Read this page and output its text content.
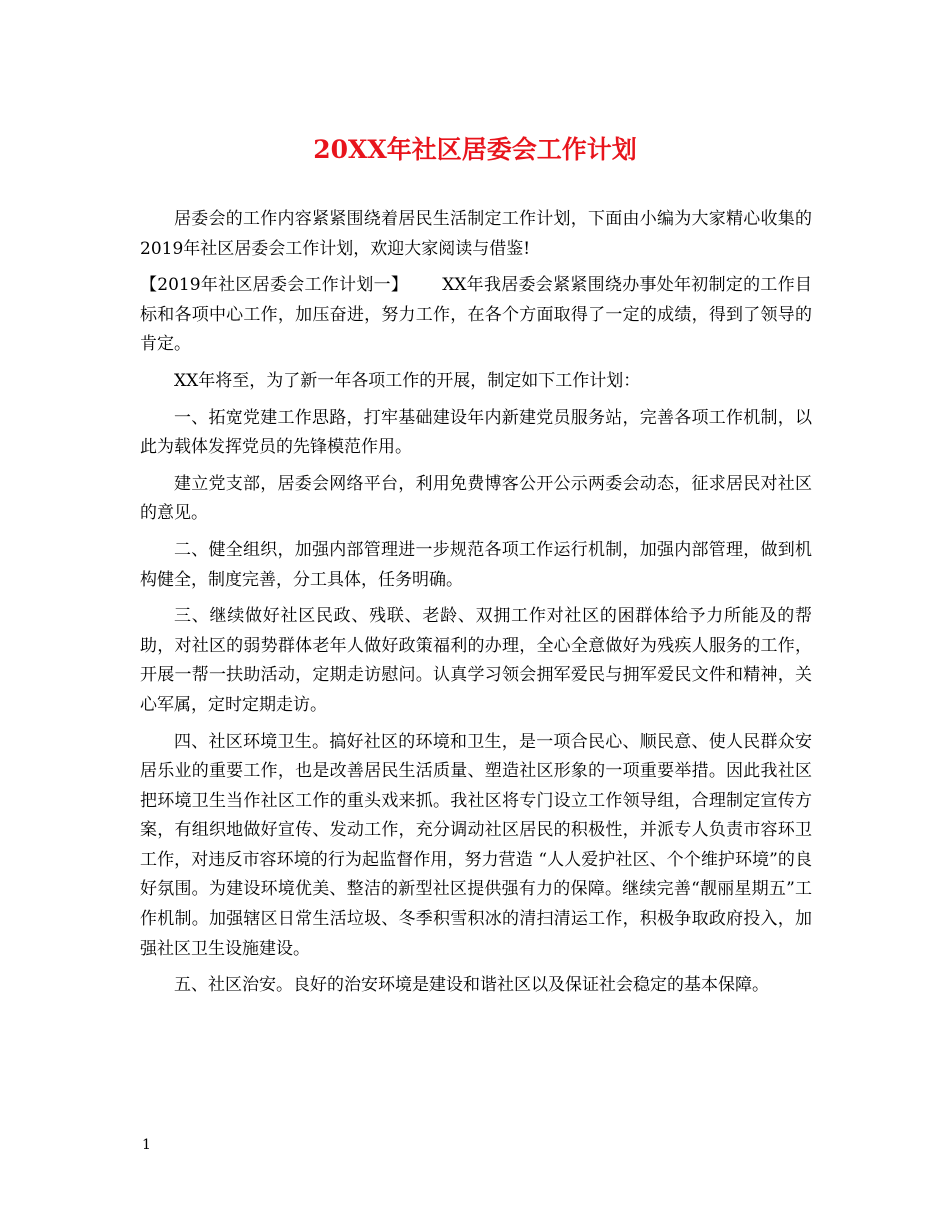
20XX年社区居委会工作计划

居委会的工作内容紧紧围绕着居民生活制定工作计划，下面由小编为大家精心收集的2019年社区居委会工作计划，欢迎大家阅读与借鉴!

【2019年社区居委会工作计划一】 XX年我居委会紧紧围绕办事处年初制定的工作目标和各项中心工作，加压奋进，努力工作，在各个方面取得了一定的成绩，得到了领导的肯定。

XX年将至，为了新一年各项工作的开展，制定如下工作计划：

一、拓宽党建工作思路，打牢基础建设年内新建党员服务站，完善各项工作机制，以此为载体发挥党员的先锋模范作用。

建立党支部，居委会网络平台，利用免费博客公开公示两委会动态，征求居民对社区的意见。

二、健全组织，加强内部管理进一步规范各项工作运行机制，加强内部管理，做到机构健全，制度完善，分工具体，任务明确。

三、继续做好社区民政、残联、老龄、双拥工作对社区的困群体给予力所能及的帮助，对社区的弱势群体老年人做好政策福利的办理，全心全意做好为残疾人服务的工作，开展一帮一扶助活动，定期走访慰问。认真学习领会拥军爱民与拥军爱民文件和精神，关心军属，定时定期走访。

四、社区环境卫生。搞好社区的环境和卫生，是一项合民心、顺民意、使人民群众安居乐业的重要工作，也是改善居民生活质量、塑造社区形象的一项重要举措。因此我社区把环境卫生当作社区工作的重头戏来抓。我社区将专门设立工作领导组，合理制定宣传方案，有组织地做好宣传、发动工作，充分调动社区居民的积极性，并派专人负责市容环卫工作，对违反市容环境的行为起监督作用，努力营造 “人人爱护社区、个个维护环境”的良好氛围。为建设环境优美、整洁的新型社区提供强有力的保障。继续完善“靓丽星期五”工作机制。加强辖区日常生活垃圾、冬季积雪积冰的清扫清运工作，积极争取政府投入，加强社区卫生设施建设。

五、社区治安。良好的治安环境是建设和谐社区以及保证社会稳定的基本保障。

1
